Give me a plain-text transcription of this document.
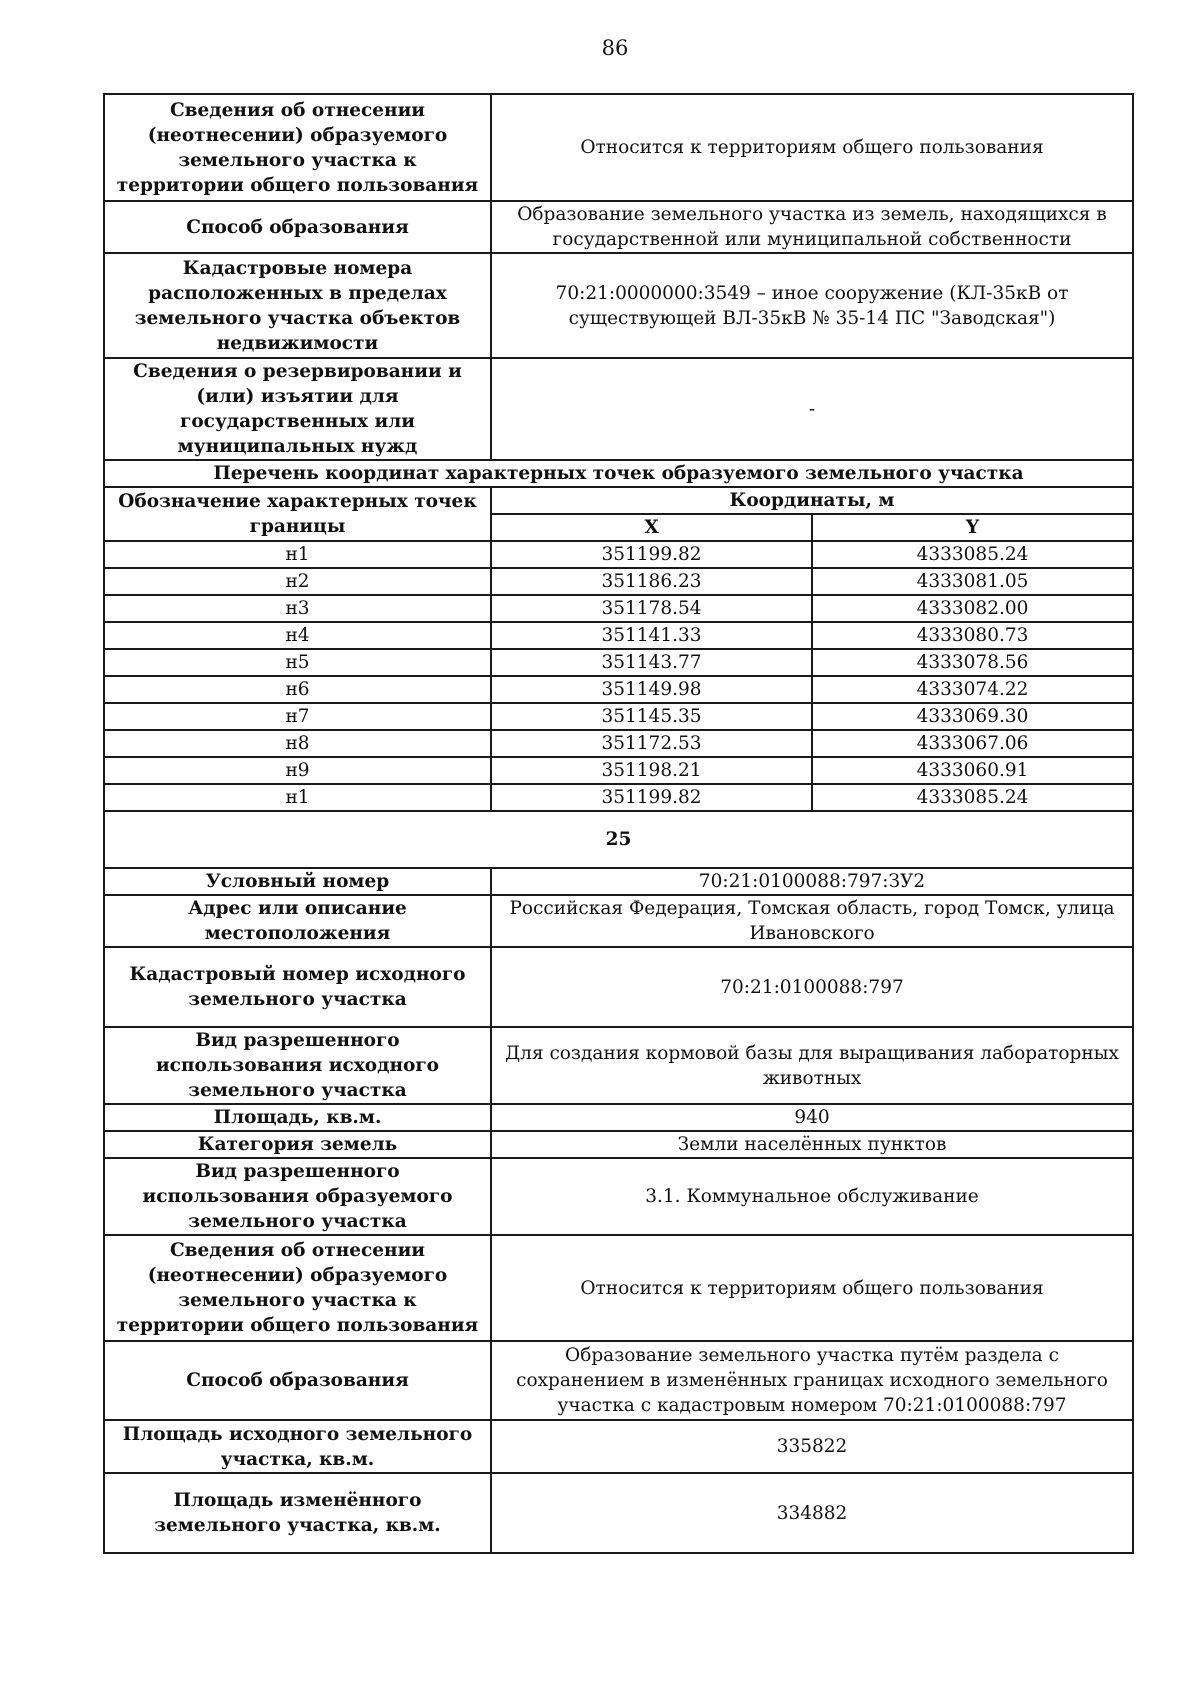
86
Сведения об отнесении (неотнесении) образуемого земельного участка к территории общего пользования	Относится к территориям общего пользования	
Способ образования	Образование земельного участка из земель, находящихся в государственной или муниципальной собственности	
Кадастровые номера расположенных в пределах земельного участка объектов недвижимости	70:21:0000000:3549 – иное сооружение (КЛ-35кВ от существующей ВЛ-35кВ № 35-14 ПС "Заводская")	
Сведения о резервировании и (или) изъятии для государственных или муниципальных нужд	-	
Перечень координат характерных точек образуемого земельного участка		
Обозначение характерных точек границы	Координаты, м	
	X	Y
н1	351199.82	4333085.24
н2	351186.23	4333081.05
н3	351178.54	4333082.00
н4	351141.33	4333080.73
н5	351143.77	4333078.56
н6	351149.98	4333074.22
н7	351145.35	4333069.30
н8	351172.53	4333067.06
н9	351198.21	4333060.91
н1	351199.82	4333085.24
25		
Условный номер	70:21:0100088:797:ЗУ2	
Адрес или описание местоположения	Российская Федерация, Томская область, город Томск, улица Ивановского	
Кадастровый номер исходного земельного участка	70:21:0100088:797	
Вид разрешенного использования исходного земельного участка	Для создания кормовой базы для выращивания лабораторных животных	
Площадь, кв.м.	940	
Категория земель	Земли населённых пунктов	
Вид разрешенного использования образуемого земельного участка	3.1. Коммунальное обслуживание	
Сведения об отнесении (неотнесении) образуемого земельного участка к территории общего пользования	Относится к территориям общего пользования	
Способ образования	Образование земельного участка путём раздела с сохранением в изменённых границах исходного земельного участка с кадастровым номером 70:21:0100088:797	
Площадь исходного земельного участка, кв.м.	335822	
Площадь изменённого земельного участка, кв.м.	334882	
